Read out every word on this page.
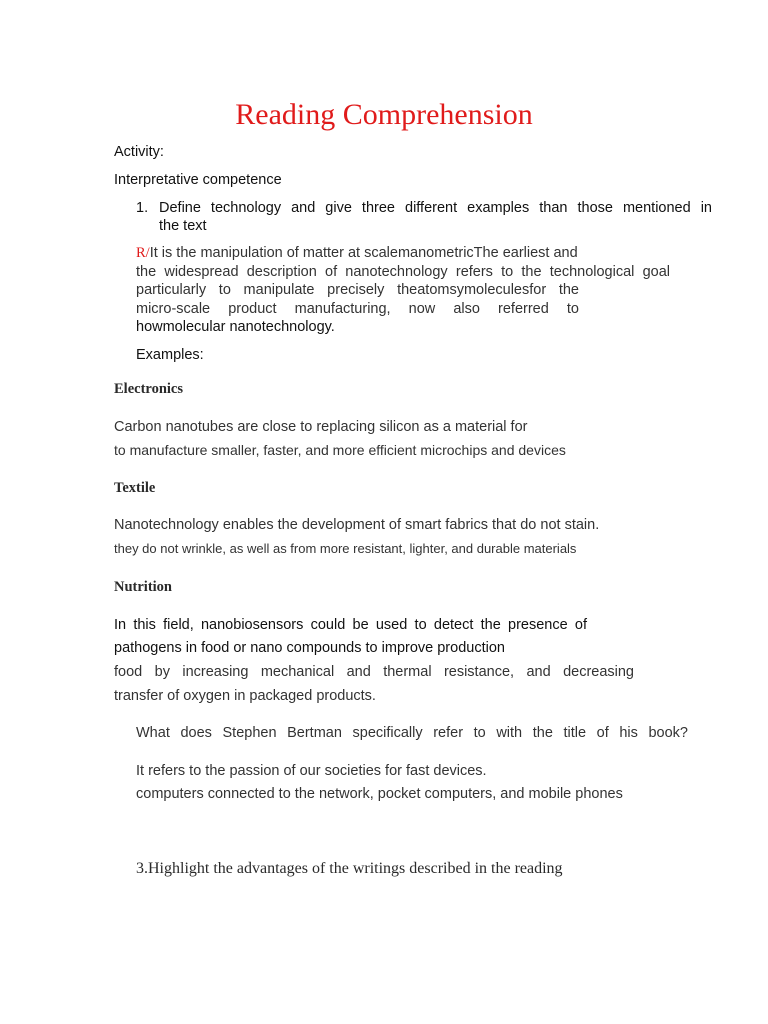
Reading Comprehension
Activity:
Interpretative competence
1. Define technology and give three different examples than those mentioned in
the text
R/It is the manipulation of matter at scalemanometricThe earliest and
the widespread description of nanotechnology refers to the technological goal
particularly to manipulate precisely theatomsymoleculesfor the
micro-scale product manufacturing, now also referred to
howmolecular nanotechnology.
Examples:
Electronics
Carbon nanotubes are close to replacing silicon as a material for
to manufacture smaller, faster, and more efficient microchips and devices
Textile
Nanotechnology enables the development of smart fabrics that do not stain.
they do not wrinkle, as well as from more resistant, lighter, and durable materials
Nutrition
In this field, nanobiosensors could be used to detect the presence of
pathogens in food or nano compounds to improve production
food by increasing mechanical and thermal resistance, and decreasing
transfer of oxygen in packaged products.
What does Stephen Bertman specifically refer to with the title of his book?
It refers to the passion of our societies for fast devices.
computers connected to the network, pocket computers, and mobile phones
3.Highlight the advantages of the writings described in the reading
